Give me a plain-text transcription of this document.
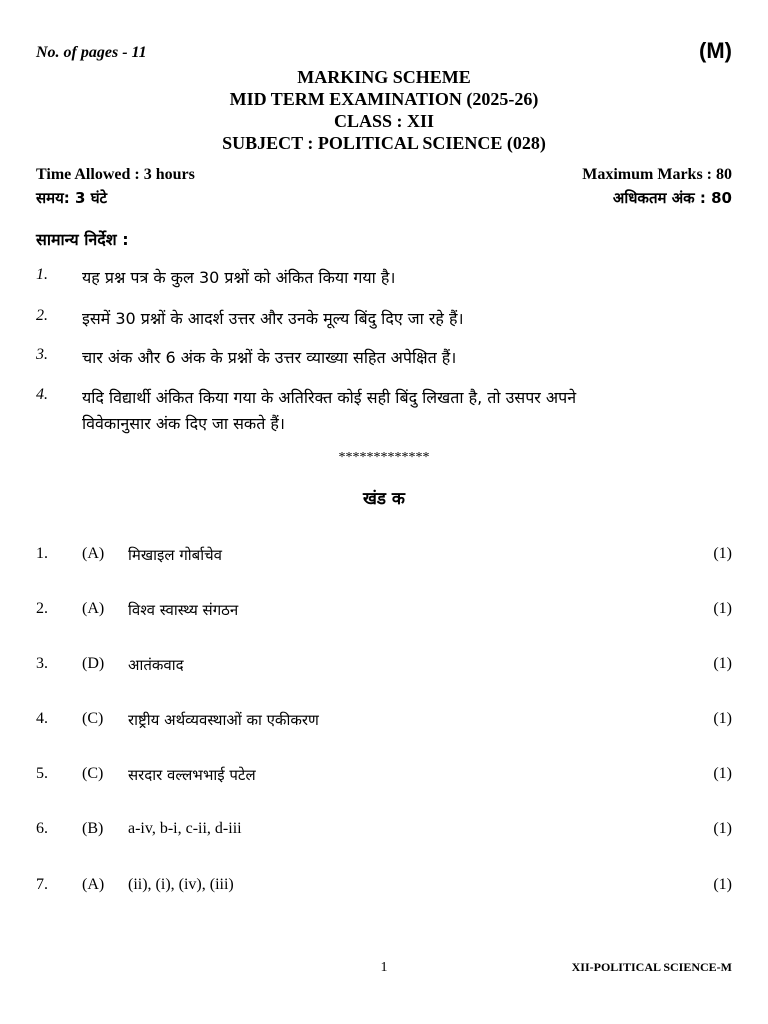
No. of pages - 11	(M)
MARKING SCHEME
MID TERM EXAMINATION (2025-26)
CLASS : XII
SUBJECT : POLITICAL SCIENCE (028)
Time Allowed : 3 hours	Maximum Marks : 80
समय: 3 घंटे	अधिकतम अंक : 80
सामान्य निर्देश :
1. यह प्रश्न पत्र के कुल 30 प्रश्नों को अंकित किया गया है।
2. इसमें 30 प्रश्नों के आदर्श उत्तर और उनके मूल्य बिंदु दिए जा रहे हैं।
3. चार अंक और 6 अंक के प्रश्नों के उत्तर व्याख्या सहित अपेक्षित हैं।
4. यदि विद्यार्थी अंकित किया गया के अतिरिक्त कोई सही बिंदु लिखता है, तो उसपर अपने
विवेकानुसार अंक दिए जा सकते हैं।
*************
खंड क
1. (A) मिखाइल गोर्बाचेव	(1)
2. (A) विश्व स्वास्थ्य संगठन	(1)
3. (D) आतंकवाद	(1)
4. (C) राष्ट्रीय अर्थव्यवस्थाओं का एकीकरण	(1)
5. (C) सरदार वल्लभभाई पटेल	(1)
6. (B) a-iv, b-i, c-ii, d-iii	(1)
7. (A) (ii), (i), (iv), (iii)	(1)
1	XII-POLITICAL SCIENCE-M
